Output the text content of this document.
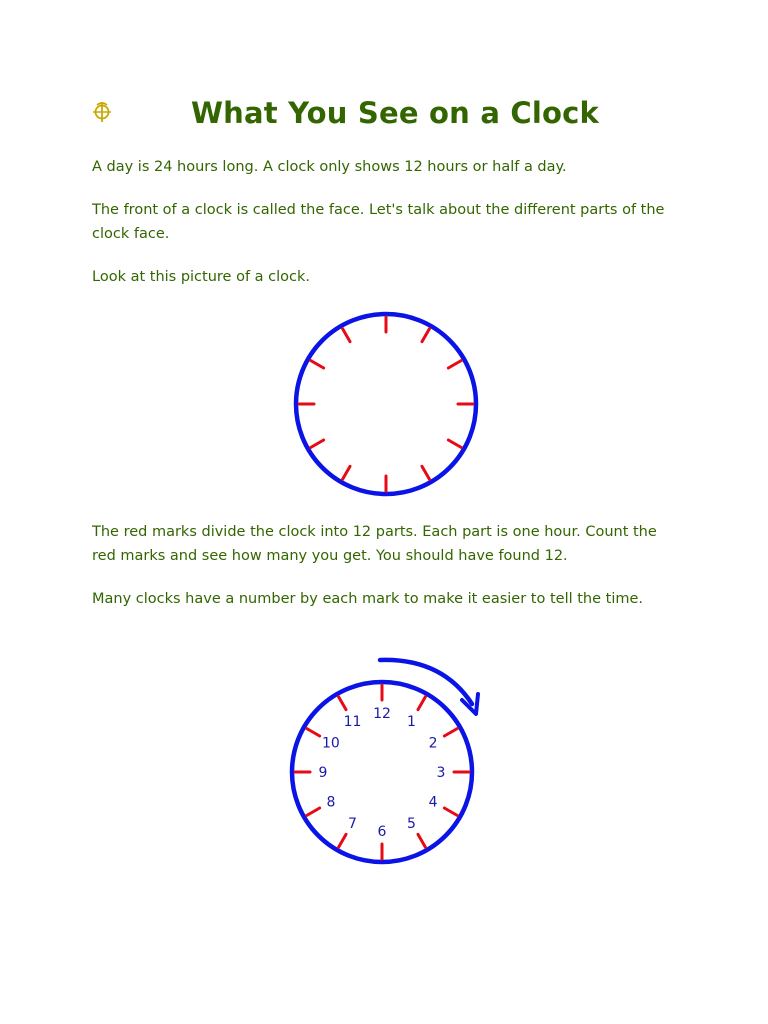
What You See on a Clock

A day is 24 hours long. A clock only shows 12 hours or half a day.

The front of a clock is called the face. Let's talk about the different parts of the clock face.

Look at this picture of a clock.

The red marks divide the clock into 12 parts. Each part is one hour. Count the red marks and see how many you get. You should have found 12.

Many clocks have a number by each mark to make it easier to tell the time.

12 1
2
3
4
5
6
7
8
9
10
11
